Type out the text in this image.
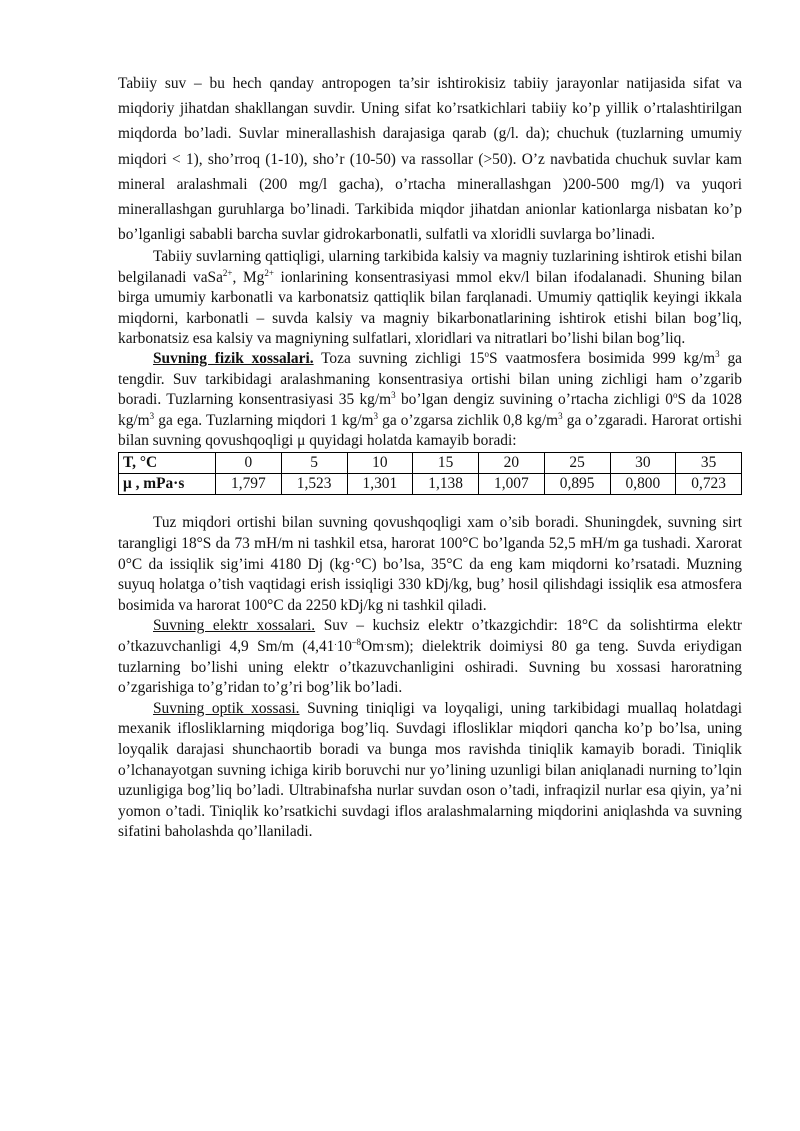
Tabiiy suv – bu hech qanday antropogen ta’sir ishtirokisiz tabiiy jarayonlar natijasida sifat va miqdoriy jihatdan shakllangan suvdir. Uning sifat ko’rsatkichlari tabiiy ko’p yillik o’rtalashtirilgan miqdorda bo’ladi. Suvlar minerallashish darajasiga qarab (g/l. da); chuchuk (tuzlarning umumiy miqdori < 1), sho’rroq (1-10), sho’r (10-50) va rassollar (>50). O’z navbatida chuchuk suvlar kam mineral aralashmali (200 mg/l gacha), o’rtacha minerallashgan )200-500 mg/l) va yuqori minerallashgan guruhlarga bo’linadi. Tarkibida miqdor jihatdan anionlar kationlarga nisbatan ko’p bo’lganligi sababli barcha suvlar gidrokarbonatli, sulfatli va xloridli suvlarga bo’linadi.

Tabiiy suvlarning qattiqligi, ularning tarkibida kalsiy va magniy tuzlarining ishtirok etishi bilan belgilanadi vaSa$^{2+}$, $Mg^{2+}$ ionlarining konsentrasiyasi mmol ekv/l bilan ifodalanadi. Shuning bilan birga umumiy karbonatli va karbonatsiz qattiqlik bilan farqlanadi. Umumiy qattiqlik keyingi ikkala miqdorni, karbonatli – suvda kalsiy va magniy bikarbonatlarining ishtirok etishi bilan bog’liq, karbonatsiz esa kalsiy va magniyning sulfatlari, xloridlari va nitratlari bo’lishi bilan bog’liq.

Suvning fizik xossalari. Toza suvning zichligi 15$^o$S vaatmosfera bosimida 999 $kg/m^3$ ga tengdir. Suv tarkibidagi aralashmaning konsentrasiya ortishi bilan uning zichligi ham o’zgarib boradi. Tuzlarning konsentrasiyasi 35 $kg/m^3$ bo’lgan dengiz suvining o’rtacha zichligi 0$^o$S da 1028 $kg/m^3$ ga ega. Tuzlarning miqdori 1 $kg/m^3$ ga o’zgarsa zichlik 0,8 $kg/m^3$ ga o’zgaradi. Harorat ortishi bilan suvning qovushqoqligi μ quyidagi holatda kamayib boradi:

T, °C	0	5	10	15	20	25	30	35
μ , mPa·s	1,797	1,523	1,301	1,138	1,007	0,895	0,800	0,723

Tuz miqdori ortishi bilan suvning qovushqoqligi xam o’sib boradi. Shuningdek, suvning sirt tarangligi 18°S da 73 mH/m ni tashkil etsa, harorat 100°C bo’lganda 52,5 mH/m ga tushadi. Xarorat 0°C da issiqlik sig’imi 4180 Dj (kg·°C) bo’lsa, 35°C da eng kam miqdorni ko’rsatadi. Muzning suyuq holatga o’tish vaqtidagi erish issiqligi 330 kDj/kg, bug’ hosil qilishdagi issiqlik esa atmosfera bosimida va harorat 100°C da 2250 kDj/kg ni tashkil qiladi.

Suvning elektr xossalari. Suv – kuchsiz elektr o’tkazgichdir: 18°C da solishtirma elektr o’tkazuvchanligi 4,9 Sm/m $(4,41^.10^{-8}Om^.sm)$; dielektrik doimiysi 80 ga teng. Suvda eriydigan tuzlarning bo’lishi uning elektr o’tkazuvchanligini oshiradi. Suvning bu xossasi haroratning o’zgarishiga to’g’ridan to’g’ri bog’lik bo’ladi.

Suvning optik xossasi. Suvning tiniqligi va loyqaligi, uning tarkibidagi muallaq holatdagi mexanik iflosliklarning miqdoriga bog’liq. Suvdagi iflosliklar miqdori qancha ko’p bo’lsa, uning loyqalik darajasi shunchaortib boradi va bunga mos ravishda tiniqlik kamayib boradi. Tiniqlik o’lchanayotgan suvning ichiga kirib boruvchi nur yo’lining uzunligi bilan aniqlanadi nurning to’lqin uzunligiga bog’liq bo’ladi. Ultrabinafsha nurlar suvdan oson o’tadi, infraqizil nurlar esa qiyin, ya’ni yomon o’tadi. Tiniqlik ko’rsatkichi suvdagi iflos aralashmalarning miqdorini aniqlashda va suvning sifatini baholashda qo’llaniladi.
